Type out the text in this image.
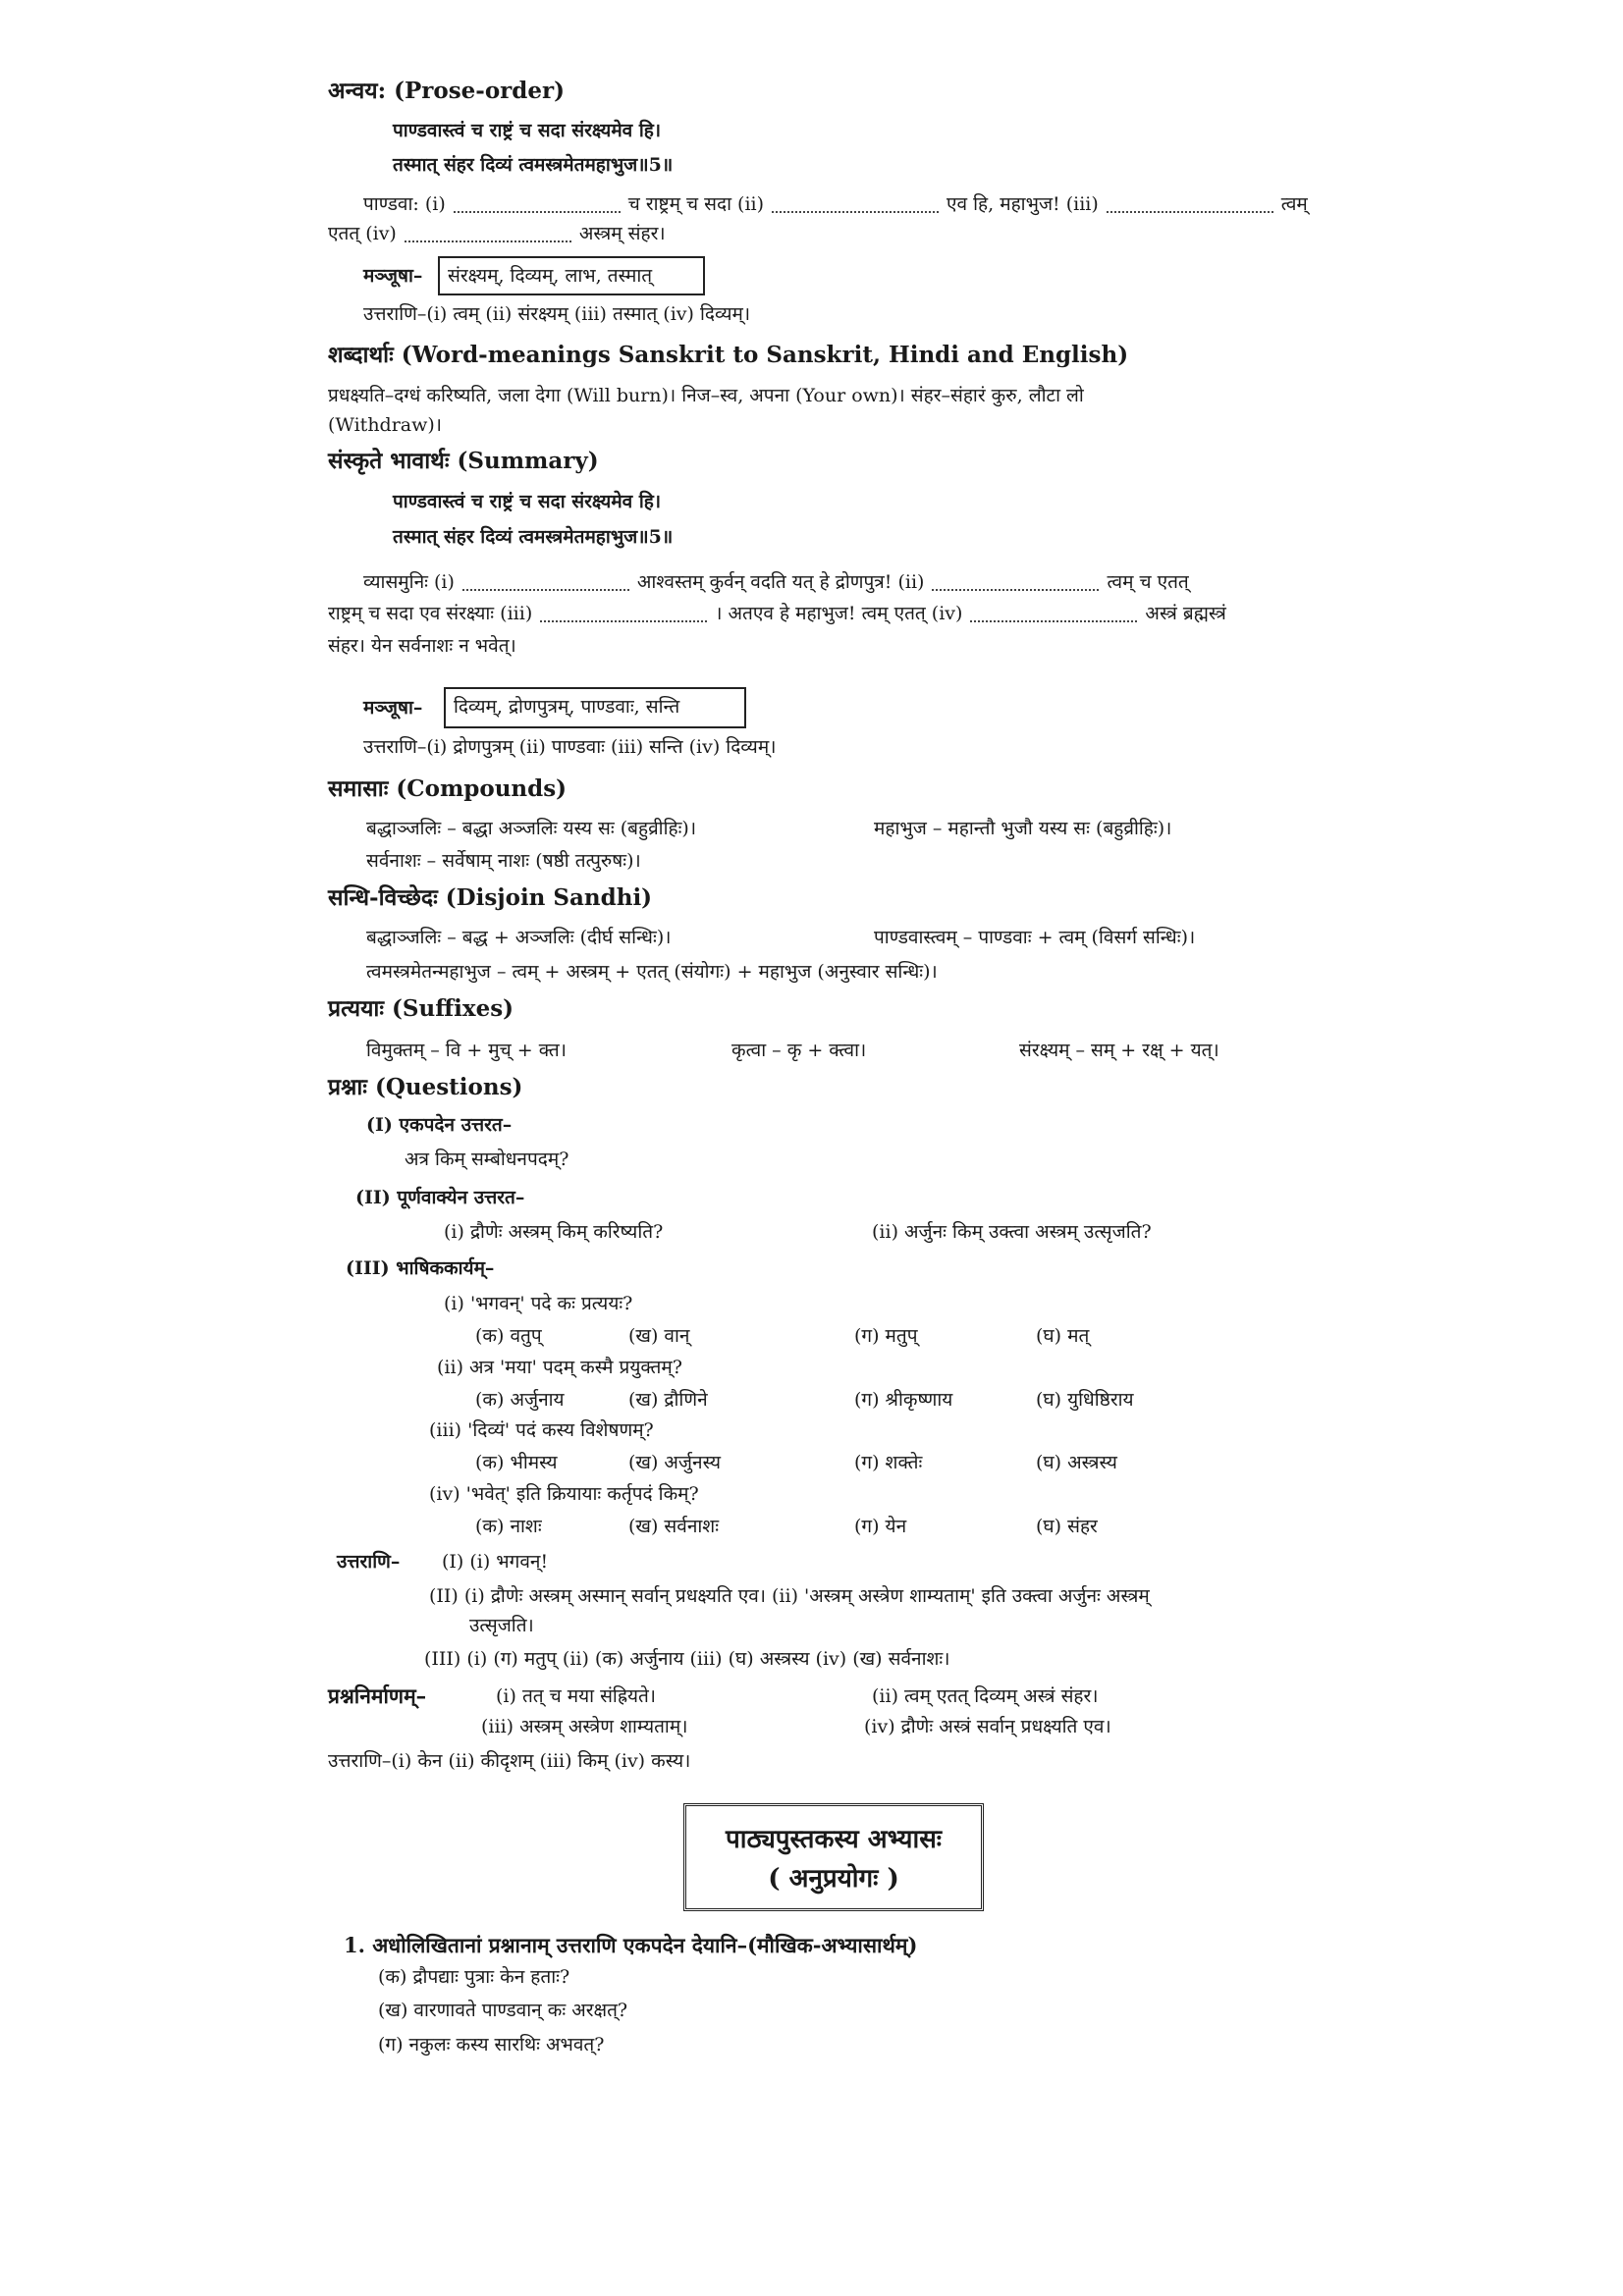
अन्वय: (Prose-order)
पाण्डवास्त्वं च राष्ट्रं च सदा संरक्ष्यमेव हि।
तस्मात् संहर दिव्यं त्वमस्त्रमेतमहाभुज॥5॥
पाण्डवा: (i)	च राष्ट्रम् च सदा (ii)	एव हि, महाभुज! (iii)	त्वम्
एतत् (iv)	अस्त्रम् संहर।
मञ्जूषा– संरक्ष्यम्, दिव्यम्, लाभ, तस्मात्
उत्तराणि–(i) त्वम् (ii) संरक्ष्यम् (iii) तस्मात् (iv) दिव्यम्।
शब्दार्थाः (Word-meanings Sanskrit to Sanskrit, Hindi and English)
प्रधक्ष्यति–दग्धं करिष्यति, जला देगा (Will burn)। निज–स्व, अपना (Your own)। संहर–संहारं कुरु, लौटा लो
(Withdraw)।
संस्कृते भावार्थः (Summary)
पाण्डवास्त्वं च राष्ट्रं च सदा संरक्ष्यमेव हि।
तस्मात् संहर दिव्यं त्वमस्त्रमेतमहाभुज॥5॥
व्यासमुनिः (i)	आश्वस्तम् कुर्वन् वदति यत् हे द्रोणपुत्र! (ii)	त्वम् च एतत्
राष्ट्रम् च सदा एव संरक्ष्याः (iii)	। अतएव हे महाभुज! त्वम् एतत् (iv)	अस्त्रं ब्रह्मस्त्रं
संहर। येन सर्वनाशः न भवेत्।
मञ्जूषा– दिव्यम्, द्रोणपुत्रम्, पाण्डवाः, सन्ति
उत्तराणि–(i) द्रोणपुत्रम् (ii) पाण्डवाः (iii) सन्ति (iv) दिव्यम्।
समासाः (Compounds)
बद्धाञ्जलिः – बद्धा अञ्जलिः यस्य सः (बहुव्रीहिः)।	महाभुज – महान्तौ भुजौ यस्य सः (बहुव्रीहिः)।
सर्वनाशः – सर्वेषाम् नाशः (षष्ठी तत्पुरुषः)।
सन्धि-विच्छेदः (Disjoin Sandhi)
बद्धाञ्जलिः – बद्ध + अञ्जलिः (दीर्घ सन्धिः)।	पाण्डवास्त्वम् – पाण्डवाः + त्वम् (विसर्ग सन्धिः)।
त्वमस्त्रमेतन्महाभुज – त्वम् + अस्त्रम् + एतत् (संयोगः) + महाभुज (अनुस्वार सन्धिः)।
प्रत्ययाः (Suffixes)
विमुक्तम् – वि + मुच् + क्त।	कृत्वा – कृ + क्त्वा।	संरक्ष्यम् – सम् + रक्ष् + यत्।
प्रश्नाः (Questions)
(I) एकपदेन उत्तरत–
अत्र किम् सम्बोधनपदम्?
(II) पूर्णवाक्येन उत्तरत–
(i) द्रौणेः अस्त्रम् किम् करिष्यति?	(ii) अर्जुनः किम् उक्त्वा अस्त्रम् उत्सृजति?
(III) भाषिककार्यम्–
(i) 'भगवन्' पदे कः प्रत्ययः?
(क) वतुप्	(ख) वान्	(ग) मतुप्	(घ) मत्
(ii) अत्र 'मया' पदम् कस्मै प्रयुक्तम्?
(क) अर्जुनाय	(ख) द्रौणिने	(ग) श्रीकृष्णाय	(घ) युधिष्ठिराय
(iii) 'दिव्यं' पदं कस्य विशेषणम्?
(क) भीमस्य	(ख) अर्जुनस्य	(ग) शक्तेः	(घ) अस्त्रस्य
(iv) 'भवेत्' इति क्रियायाः कर्तृपदं किम्?
(क) नाशः	(ख) सर्वनाशः	(ग) येन	(घ) संहर
उत्तराणि– (I) (i) भगवन्!
(II) (i) द्रौणेः अस्त्रम् अस्मान् सर्वान् प्रधक्ष्यति एव। (ii) 'अस्त्रम् अस्त्रेण शाम्यताम्' इति उक्त्वा अर्जुनः अस्त्रम्
उत्सृजति।
(III) (i) (ग) मतुप् (ii) (क) अर्जुनाय (iii) (घ) अस्त्रस्य (iv) (ख) सर्वनाशः।
प्रश्ननिर्माणम्–	(i) तत् च मया संह्रियते।	(ii) त्वम् एतत् दिव्यम् अस्त्रं संहर।
(iii) अस्त्रम् अस्त्रेण शाम्यताम्।	(iv) द्रौणेः अस्त्रं सर्वान् प्रधक्ष्यति एव।
उत्तराणि–(i) केन (ii) कीदृशम् (iii) किम् (iv) कस्य।
पाठ्यपुस्तकस्य अभ्यासः
( अनुप्रयोगः )
1. अधोलिखितानां प्रश्नानाम् उत्तराणि एकपदेन देयानि–(मौखिक-अभ्यासार्थम्)
(क) द्रौपद्याः पुत्राः केन हताः?
(ख) वारणावते पाण्डवान् कः अरक्षत्?
(ग) नकुलः कस्य सारथिः अभवत्?
